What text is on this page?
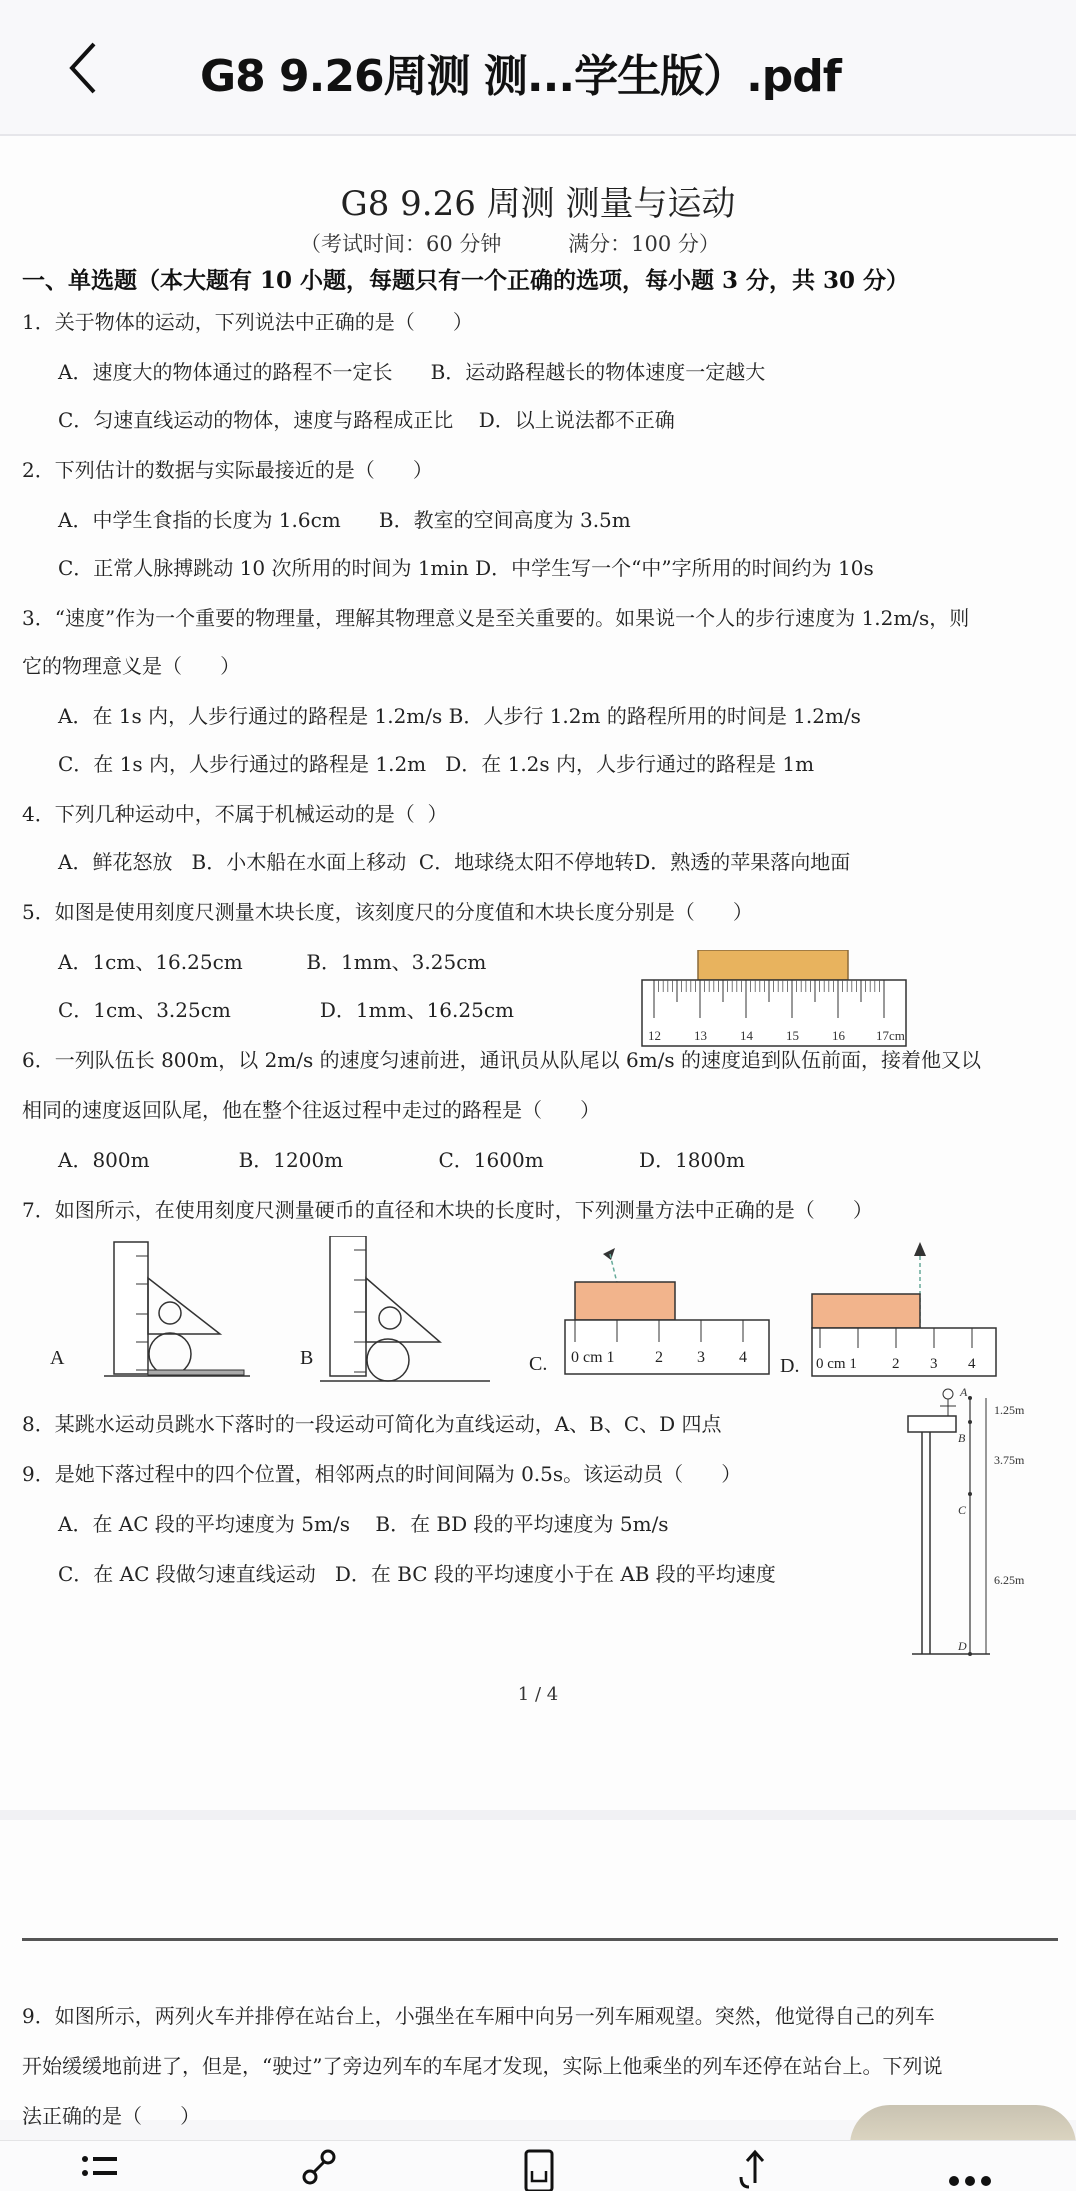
G8 9.26周测 测...学生版）.pdf
G8 9.26 周测 测量与运动
（考试时间：60 分钟          满分：100 分）
一、单选题（本大题有 10 小题，每题只有一个正确的选项，每小题 3 分，共 30 分）
1．关于物体的运动，下列说法中正确的是（      ）
A．速度大的物体通过的路程不一定长      B．运动路程越长的物体速度一定越大
C．匀速直线运动的物体，速度与路程成正比    D．以上说法都不正确
2．下列估计的数据与实际最接近的是（      ）
A．中学生食指的长度为 1.6cm      B．教室的空间高度为 3.5m
C．正常人脉搏跳动 10 次所用的时间为 1min D．中学生写一个“中”字所用的时间约为 10s
3．“速度”作为一个重要的物理量，理解其物理意义是至关重要的。如果说一个人的步行速度为 1.2m/s，则
它的物理意义是（      ）
A．在 1s 内，人步行通过的路程是 1.2m/s B．人步行 1.2m 的路程所用的时间是 1.2m/s
C．在 1s 内，人步行通过的路程是 1.2m   D．在 1.2s 内，人步行通过的路程是 1m
4．下列几种运动中，不属于机械运动的是（  ）
A．鲜花怒放   B．小木船在水面上移动  C．地球绕太阳不停地转D．熟透的苹果落向地面
5．如图是使用刻度尺测量木块长度，该刻度尺的分度值和木块长度分别是（      ）
A．1cm、16.25cm          B．1mm、3.25cm
C．1cm、3.25cm              D．1mm、16.25cm
12	13	14	15	16 17cm
6．一列队伍长 800m，以 2m/s 的速度匀速前进，通讯员从队尾以 6m/s 的速度追到队伍前面，接着他又以
相同的速度返回队尾，他在整个往返过程中走过的路程是（      ）
A．800m              B．1200m               C．1600m               D．1800m
7．如图所示，在使用刻度尺测量硬币的直径和木块的长度时，下列测量方法中正确的是（      ）
A	B	C. 0 cm 1	2 3 4 D. 0 cm 1 2 3 4
8．某跳水运动员跳水下落时的一段运动可简化为直线运动，A、B、C、D 四点
9．是她下落过程中的四个位置，相邻两点的时间间隔为 0.5s。该运动员（      ）
A．在 AC 段的平均速度为 5m/s    B．在 BD 段的平均速度为 5m/s
C．在 AC 段做匀速直线运动   D．在 BC 段的平均速度小于在 AB 段的平均速度
A
B
C
D
1.25m
3.75m
6.25m
1 / 4
9．如图所示，两列火车并排停在站台上，小强坐在车厢中向另一列车厢观望。突然，他觉得自己的列车
开始缓缓地前进了，但是，“驶过”了旁边列车的车尾才发现，实际上他乘坐的列车还停在站台上。下列说
法正确的是（      ）
